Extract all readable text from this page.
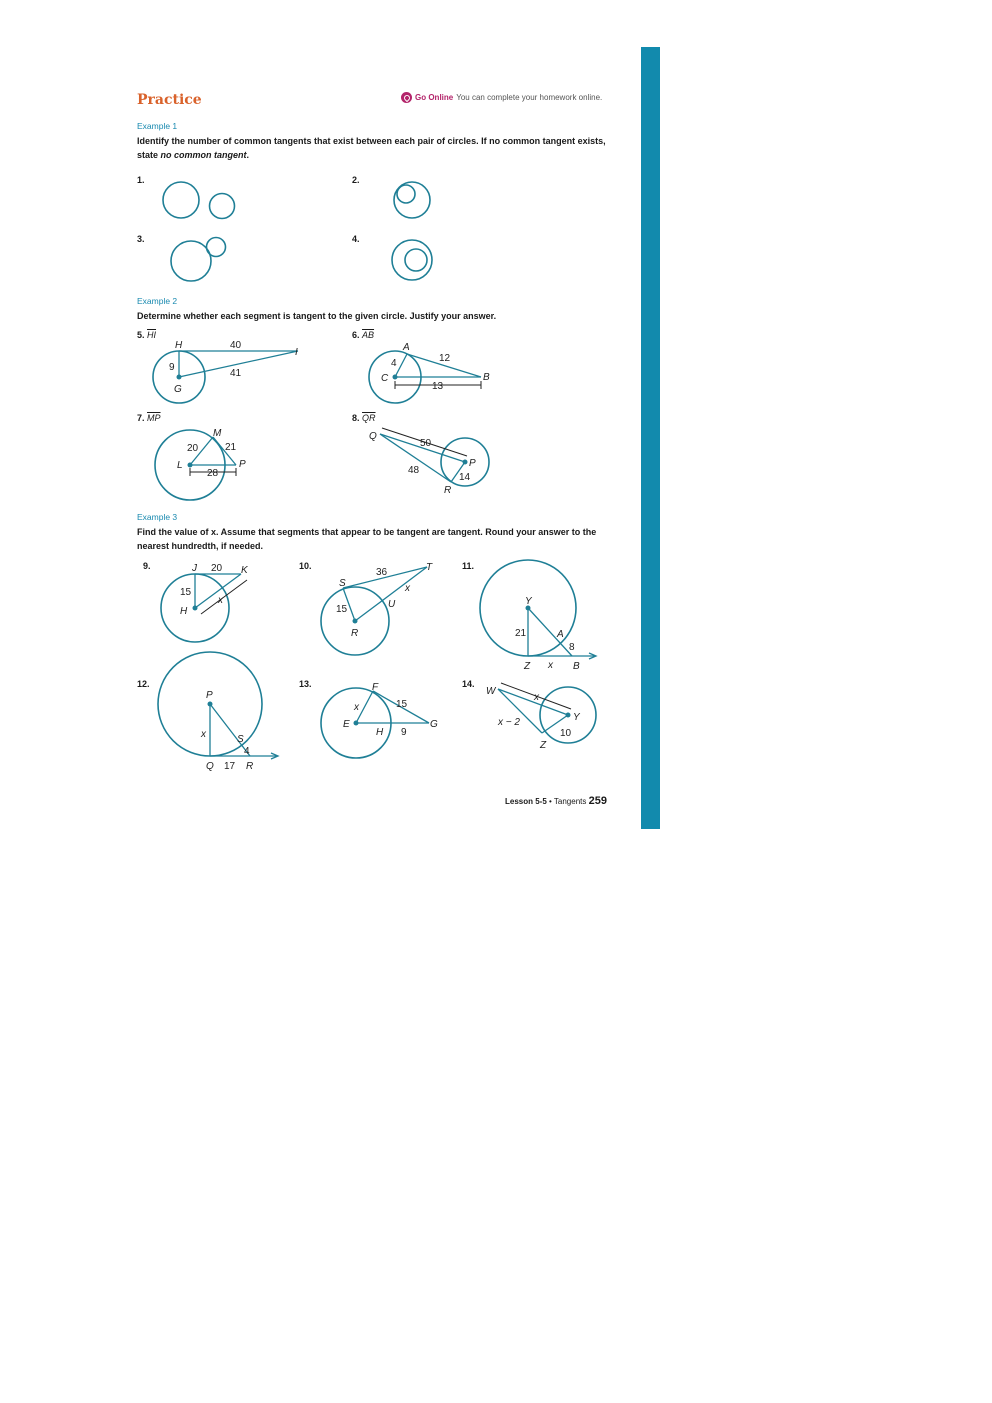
Practice	Go Online You can complete your homework online.
Example 1
Identify the number of common tangents that exist between each pair of circles. If no common tangent exists, state no common tangent.
1.	2.
3.	4.
Example 2
Determine whether each segment is tangent to the given circle. Justify your answer.
5. $\overline{HI}$
H
I
G
40
9
41
6. $\overline{AB}$
A
B
C
4	12
13
7. $\overline{MP}$
M
L	P
20	21
28
8. $\overline{QR}$
Q
P
R
50
48
14
Example 3
Find the value of x. Assume that segments that appear to be tangent are tangent. Round your answer to the nearest hundredth, if needed.
9.	J	K
H
20
15
x
10.
S
T
U
R
36
15
x
11.
Y
A
Z	B
21
8
x
12.
P
S
Q	R
4
17
x
13.	F
E
H
G
15
9
x
14.
W
Y
Z
x − 2
10
x
Lesson 5-5 • Tangents 259
